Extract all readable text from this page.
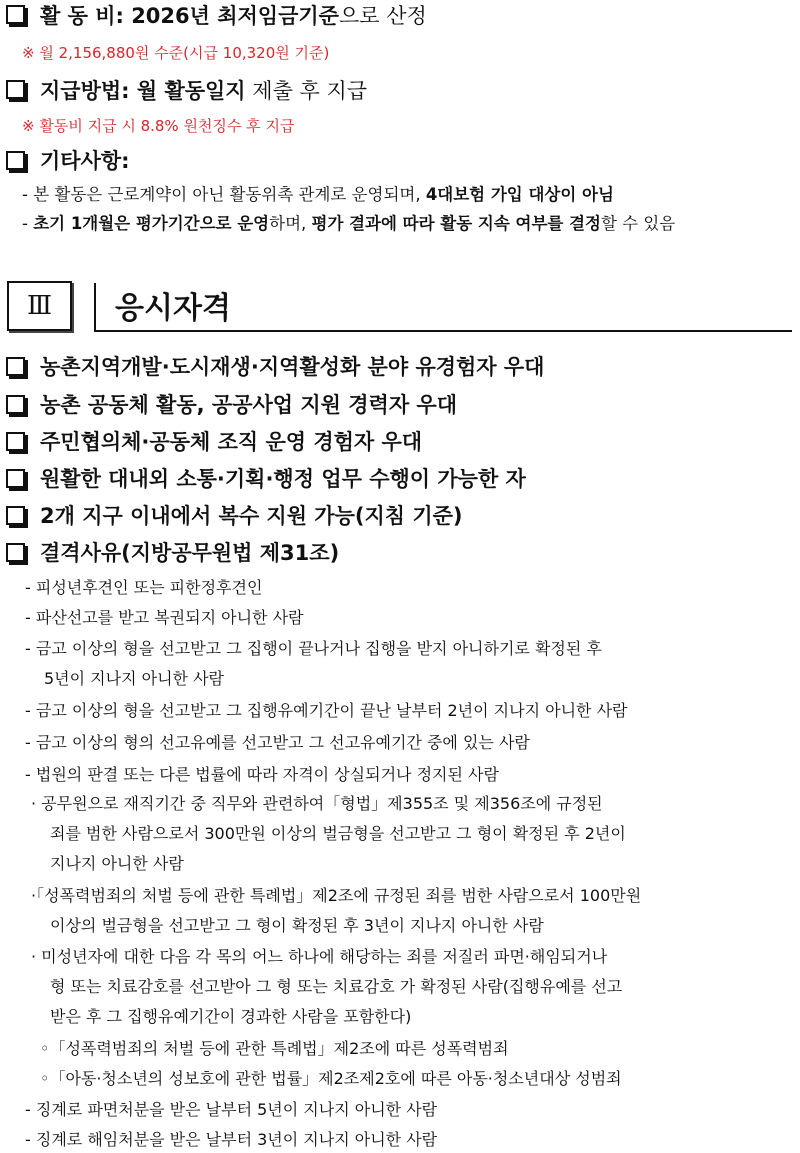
활 동 비: 2026년 최저임금기준으로 산정
※ 월 2,156,880원 수준(시급 10,320원 기준)
지급방법: 월 활동일지 제출 후 지급
※ 활동비 지급 시 8.8% 원천징수 후 지급
기타사항:
- 본 활동은 근로계약이 아닌 활동위촉 관계로 운영되며, 4대보험 가입 대상이 아님
- 초기 1개월은 평가기간으로 운영하며, 평가 결과에 따라 활동 지속 여부를 결정할 수 있음
Ⅲ	응시자격
농촌지역개발·도시재생·지역활성화 분야 유경험자 우대
농촌 공동체 활동, 공공사업 지원 경력자 우대
주민협의체·공동체 조직 운영 경험자 우대
원활한 대내외 소통·기획·행정 업무 수행이 가능한 자
2개 지구 이내에서 복수 지원 가능(지침 기준)
결격사유(지방공무원법 제31조)
- 피성년후견인 또는 피한정후견인
- 파산선고를 받고 복권되지 아니한 사람
- 금고 이상의 형을 선고받고 그 집행이 끝나거나 집행을 받지 아니하기로 확정된 후
5년이 지나지 아니한 사람
- 금고 이상의 형을 선고받고 그 집행유예기간이 끝난 날부터 2년이 지나지 아니한 사람
- 금고 이상의 형의 선고유예를 선고받고 그 선고유예기간 중에 있는 사람
- 법원의 판결 또는 다른 법률에 따라 자격이 상실되거나 정지된 사람
· 공무원으로 재직기간 중 직무와 관련하여「형법」제355조 및 제356조에 규정된
죄를 범한 사람으로서 300만원 이상의 벌금형을 선고받고 그 형이 확정된 후 2년이
지나지 아니한 사람
·「성폭력범죄의 처벌 등에 관한 특례법」제2조에 규정된 죄를 범한 사람으로서 100만원
이상의 벌금형을 선고받고 그 형이 확정된 후 3년이 지나지 아니한 사람
· 미성년자에 대한 다음 각 목의 어느 하나에 해당하는 죄를 저질러 파면·해임되거나
형 또는 치료감호를 선고받아 그 형 또는 치료감호 가 확정된 사람(집행유예를 선고
받은 후 그 집행유예기간이 경과한 사람을 포함한다)
◦「성폭력범죄의 처벌 등에 관한 특례법」제2조에 따른 성폭력범죄
◦「아동·청소년의 성보호에 관한 법률」제2조제2호에 따른 아동·청소년대상 성범죄
- 징계로 파면처분을 받은 날부터 5년이 지나지 아니한 사람
- 징계로 해임처분을 받은 날부터 3년이 지나지 아니한 사람
